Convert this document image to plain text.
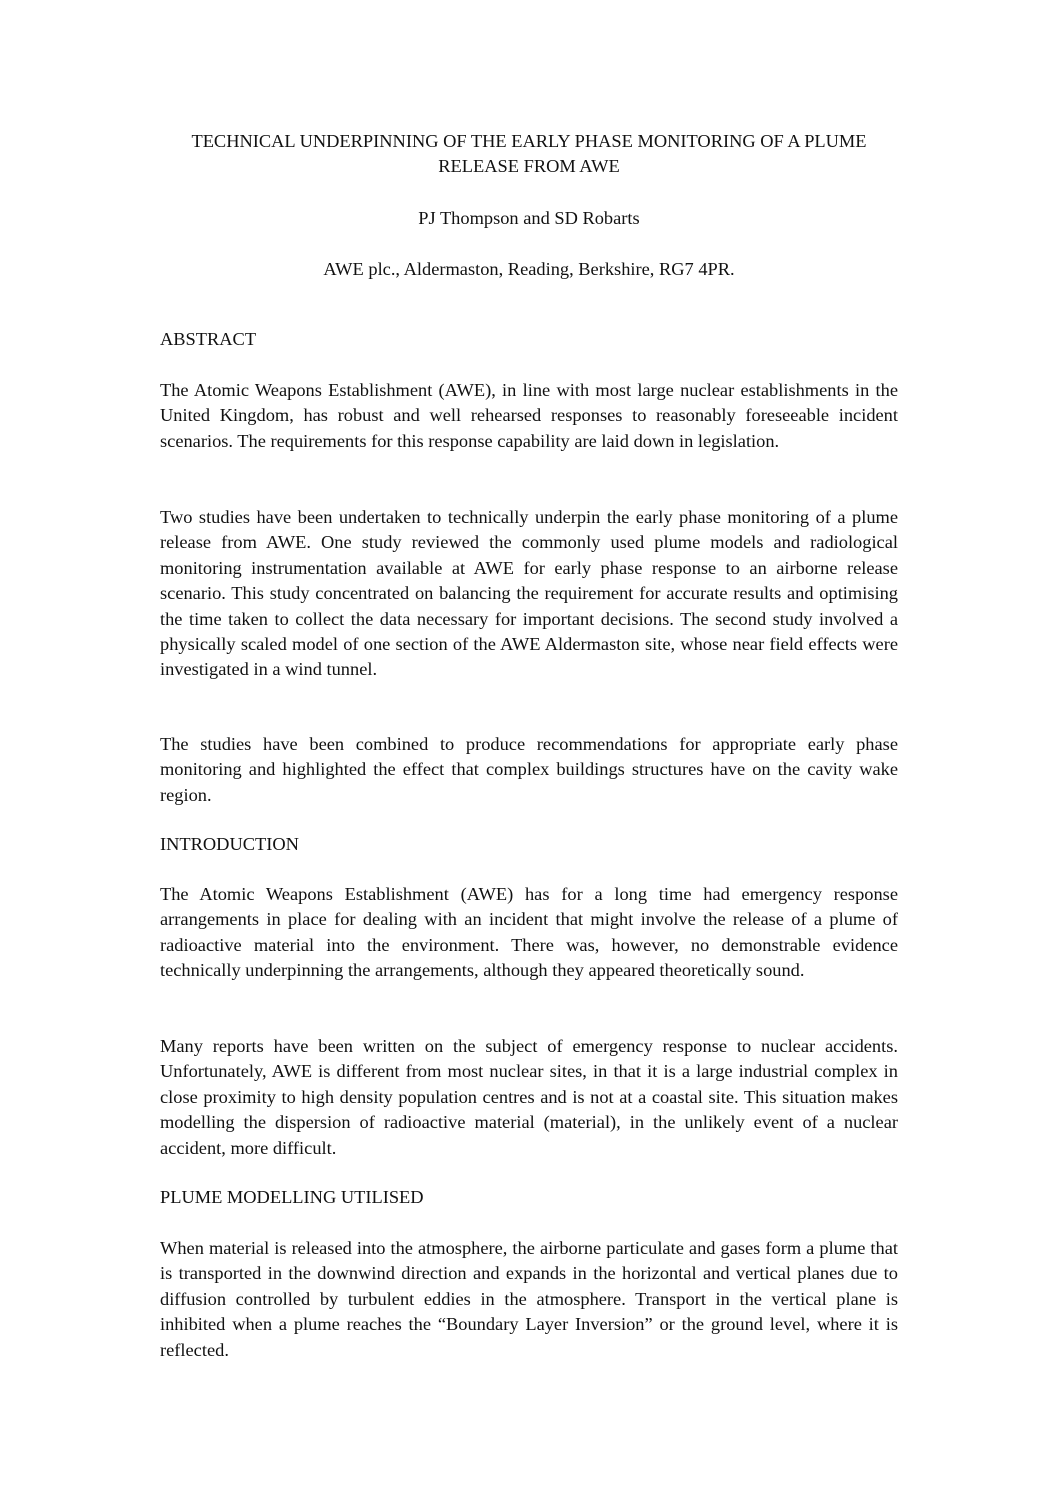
TECHNICAL UNDERPINNING OF THE EARLY PHASE MONITORING OF A PLUME RELEASE FROM AWE

PJ Thompson and SD Robarts

AWE plc., Aldermaston, Reading, Berkshire, RG7 4PR.

ABSTRACT

The Atomic Weapons Establishment (AWE), in line with most large nuclear establishments in the United Kingdom, has robust and well rehearsed responses to reasonably foreseeable incident scenarios. The requirements for this response capability are laid down in legislation.

Two studies have been undertaken to technically underpin the early phase monitoring of a plume release from AWE. One study reviewed the commonly used plume models and radiological monitoring instrumentation available at AWE for early phase response to an airborne release scenario. This study concentrated on balancing the requirement for accurate results and optimising the time taken to collect the data necessary for important decisions. The second study involved a physically scaled model of one section of the AWE Aldermaston site, whose near field effects were investigated in a wind tunnel.

The studies have been combined to produce recommendations for appropriate early phase monitoring and highlighted the effect that complex buildings structures have on the cavity wake region.

INTRODUCTION

The Atomic Weapons Establishment (AWE) has for a long time had emergency response arrangements in place for dealing with an incident that might involve the release of a plume of radioactive material into the environment. There was, however, no demonstrable evidence technically underpinning the arrangements, although they appeared theoretically sound.

Many reports have been written on the subject of emergency response to nuclear accidents. Unfortunately, AWE is different from most nuclear sites, in that it is a large industrial complex in close proximity to high density population centres and is not at a coastal site. This situation makes modelling the dispersion of radioactive material (material), in the unlikely event of a nuclear accident, more difficult.

PLUME MODELLING UTILISED

When material is released into the atmosphere, the airborne particulate and gases form a plume that is transported in the downwind direction and expands in the horizontal and vertical planes due to diffusion controlled by turbulent eddies in the atmosphere. Transport in the vertical plane is inhibited when a plume reaches the “Boundary Layer Inversion” or the ground level, where it is reflected.
